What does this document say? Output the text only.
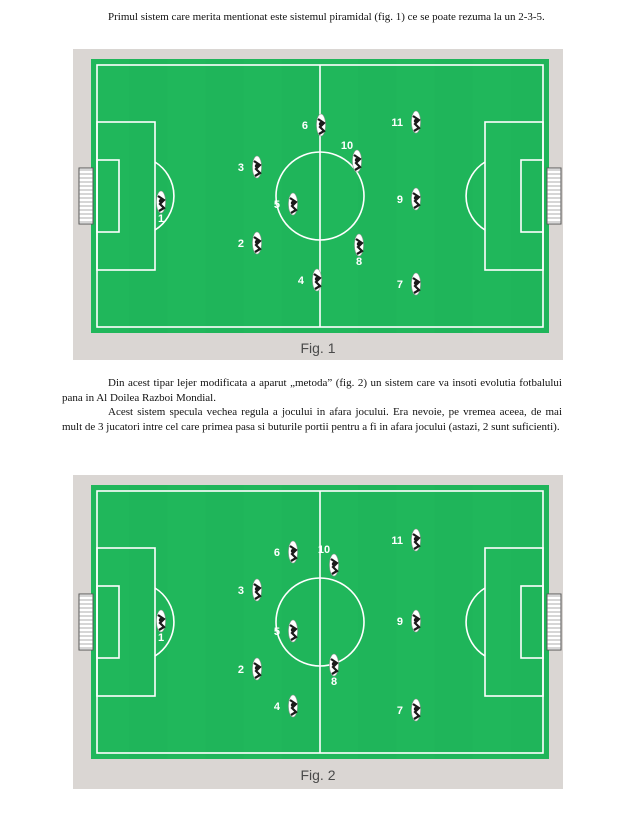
Primul sistem care merita mentionat este sistemul piramidal (fig. 1) ce se poate rezuma la un 2-3-5.

1
2
3
4
5
6
7
8
9
10
11
Fig. 1

Din acest tipar lejer modificata a aparut „metoda” (fig. 2) un sistem care va insoti evolutia fotbalului pana in Al Doilea Razboi Mondial.

Acest sistem specula vechea regula a jocului in afara jocului. Era nevoie, pe vremea aceea, de mai mult de 3 jucatori intre cel care primea pasa si buturile portii pentru a fi in afara jocului (astazi, 2 sunt suficienti).

1
2
3
4
5
6
7
8
9
10
11
Fig. 2
